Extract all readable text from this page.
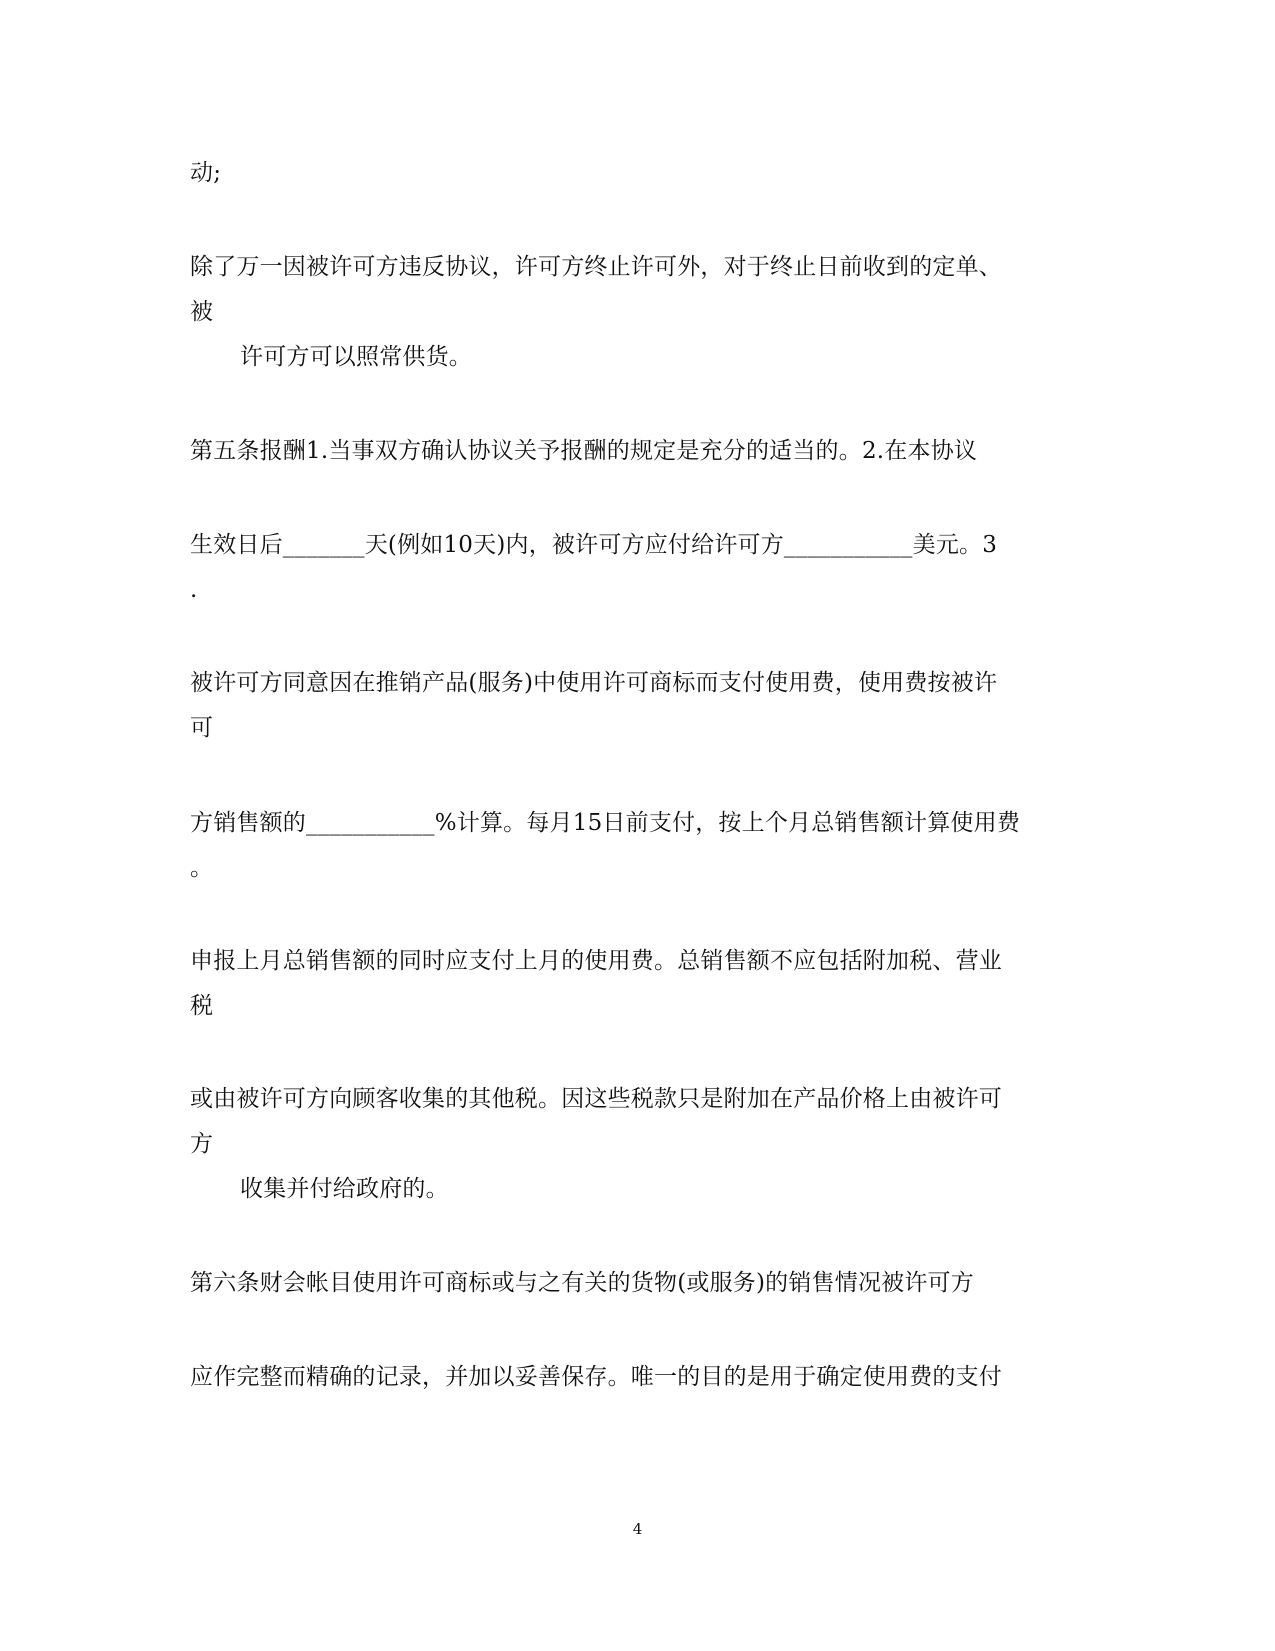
动;
除了万一因被许可方违反协议，许可方终止许可外，对于终止日前收到的定单、
被
许可方可以照常供货。
第五条报酬1.当事双方确认协议关予报酬的规定是充分的适当的。2.在本协议
生效日后_______天(例如10天)内，被许可方应付给许可方___________美元。3
.
被许可方同意因在推销产品(服务)中使用许可商标而支付使用费，使用费按被许
可
方销售额的___________%计算。每月15日前支付，按上个月总销售额计算使用费
。
申报上月总销售额的同时应支付上月的使用费。总销售额不应包括附加税、营业
税
或由被许可方向顾客收集的其他税。因这些税款只是附加在产品价格上由被许可
方
收集并付给政府的。
第六条财会帐目使用许可商标或与之有关的货物(或服务)的销售情况被许可方
应作完整而精确的记录，并加以妥善保存。唯一的目的是用于确定使用费的支付
4
